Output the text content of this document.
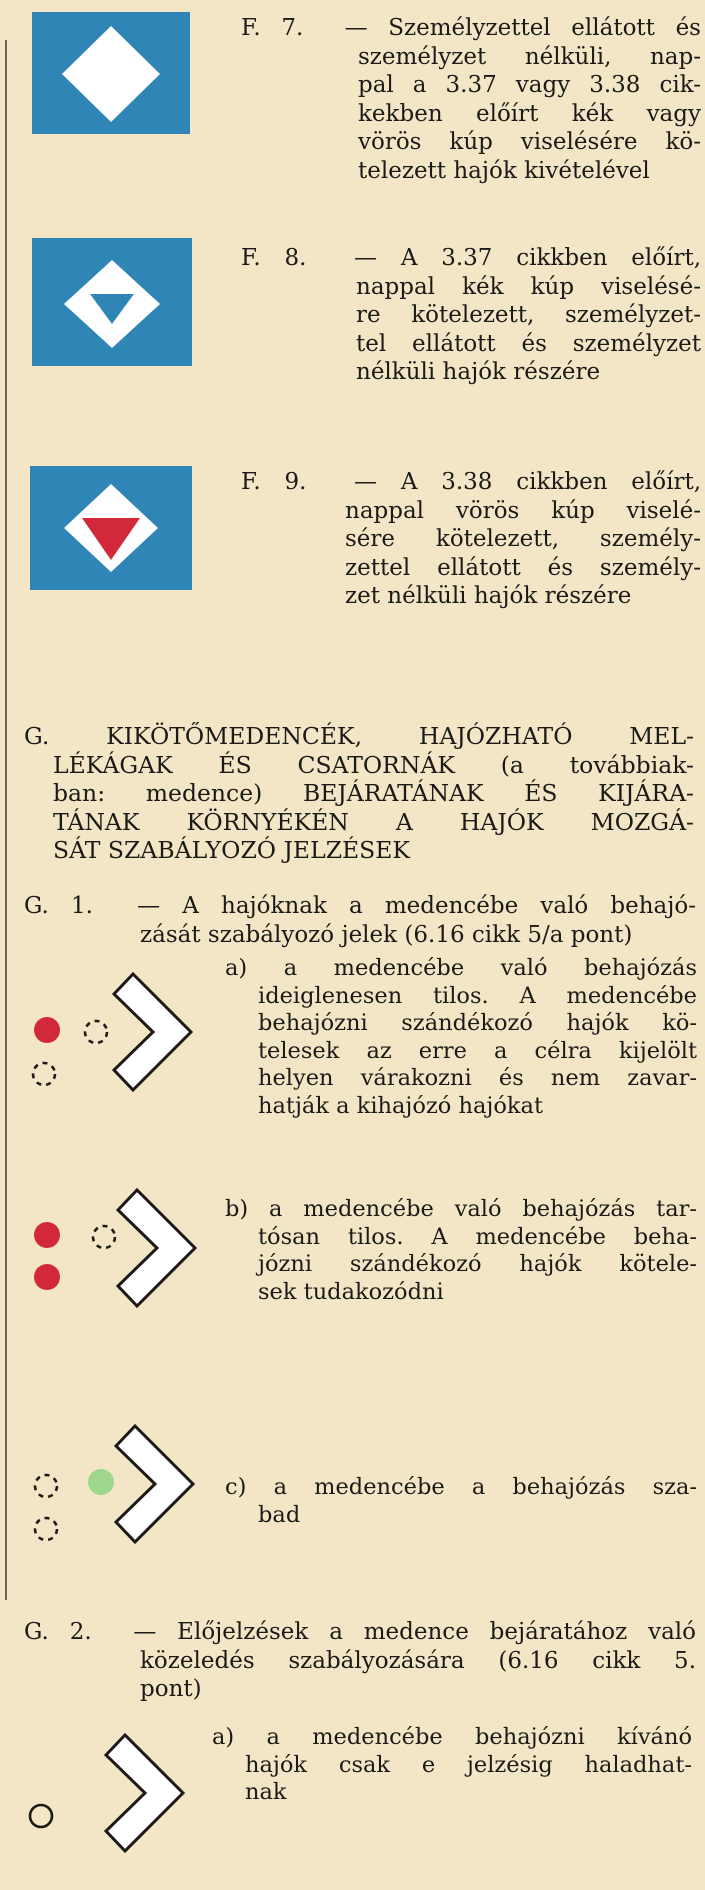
F. 7. — Személyzettel ellátott és
személyzet nélküli, nap-
pal a 3.37 vagy 3.38 cik-
kekben előírt kék vagy
vörös kúp viselésére kö-
telezett hajók kivételével
F. 8. — A 3.37 cikkben előírt,
nappal kék kúp viselésé-
re kötelezett, személyzet-
tel ellátott és személyzet
nélküli hajók részére
F. 9. — A 3.38 cikkben előírt,
nappal vörös kúp viselé-
sére kötelezett, személy-
zettel ellátott és személy-
zet nélküli hajók részére
G. KIKÖTŐMEDENCÉK, HAJÓZHATÓ MEL-
LÉKÁGAK ÉS CSATORNÁK (a továbbiak-
ban: medence) BEJÁRATÁNAK ÉS KIJÁRA-
TÁNAK KÖRNYÉKÉN A HAJÓK MOZGÁ-
SÁT SZABÁLYOZÓ JELZÉSEK
G. 1. — A hajóknak a medencébe való behajó-
zását szabályozó jelek (6.16 cikk 5/a pont)
a) a medencébe való behajózás
ideiglenesen tilos. A medencébe
behajózni szándékozó hajók kö-
telesek az erre a célra kijelölt
helyen várakozni és nem zavar-
hatják a kihajózó hajókat
b) a medencébe való behajózás tar-
tósan tilos. A medencébe beha-
józni szándékozó hajók kötele-
sek tudakozódni
c) a medencébe a behajózás sza-
bad
G. 2. — Előjelzések a medence bejáratához való
közeledés szabályozására (6.16 cikk 5.
pont)
a) a medencébe behajózni kívánó
hajók csak e jelzésig haladhat-
nak
